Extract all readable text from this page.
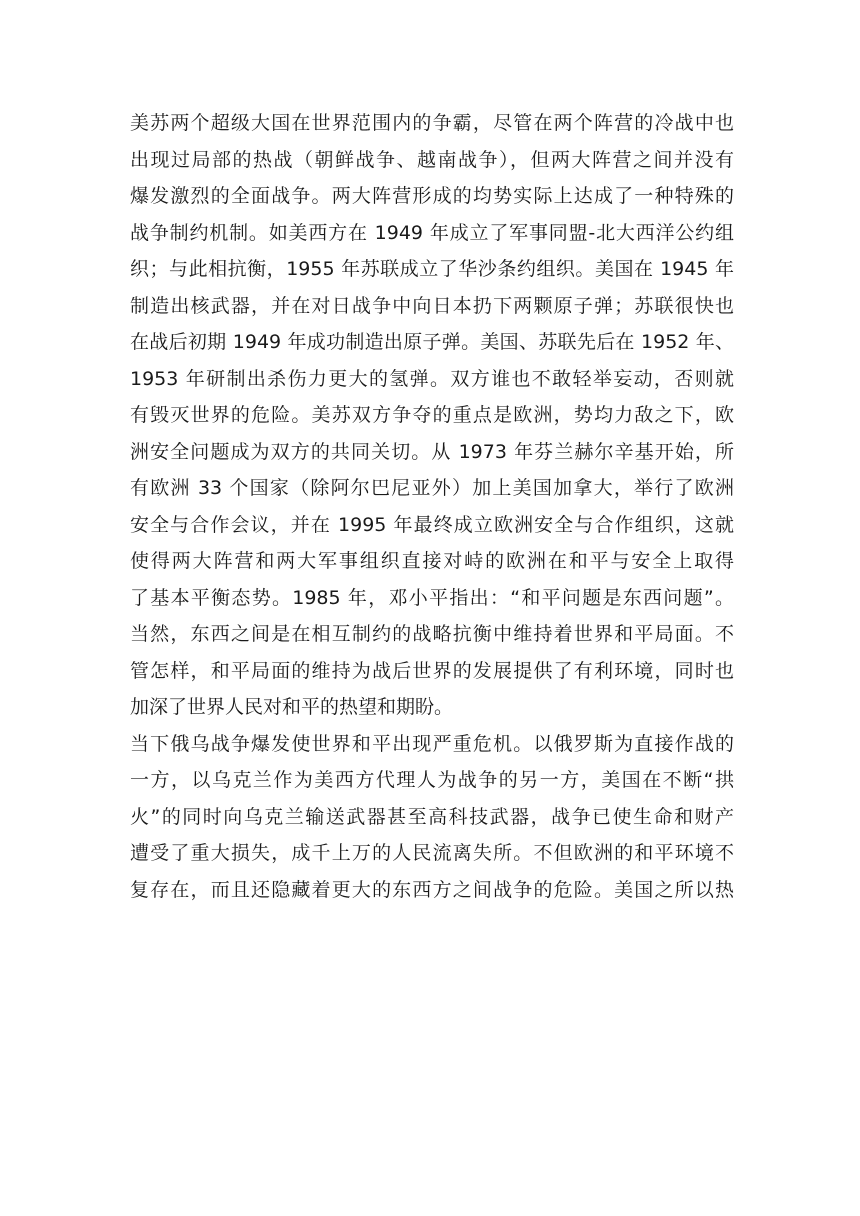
美苏两个超级大国在世界范围内的争霸，尽管在两个阵营的冷战中也
出现过局部的热战（朝鲜战争、越南战争），但两大阵营之间并没有
爆发激烈的全面战争。两大阵营形成的均势实际上达成了一种特殊的
战争制约机制。如美西方在 1949 年成立了军事同盟-北大西洋公约组
织；与此相抗衡，1955 年苏联成立了华沙条约组织。美国在 1945 年
制造出核武器，并在对日战争中向日本扔下两颗原子弹；苏联很快也
在战后初期 1949 年成功制造出原子弹。美国、苏联先后在 1952 年、
1953 年研制出杀伤力更大的氢弹。双方谁也不敢轻举妄动，否则就
有毁灭世界的危险。美苏双方争夺的重点是欧洲，势均力敌之下，欧
洲安全问题成为双方的共同关切。从 1973 年芬兰赫尔辛基开始，所
有欧洲 33 个国家（除阿尔巴尼亚外）加上美国加拿大，举行了欧洲
安全与合作会议，并在 1995 年最终成立欧洲安全与合作组织，这就
使得两大阵营和两大军事组织直接对峙的欧洲在和平与安全上取得
了基本平衡态势。1985 年，邓小平指出：“和平问题是东西问题”。
当然，东西之间是在相互制约的战略抗衡中维持着世界和平局面。不
管怎样，和平局面的维持为战后世界的发展提供了有利环境，同时也
加深了世界人民对和平的热望和期盼。
当下俄乌战争爆发使世界和平出现严重危机。以俄罗斯为直接作战的
一方，以乌克兰作为美西方代理人为战争的另一方，美国在不断“拱
火”的同时向乌克兰输送武器甚至高科技武器，战争已使生命和财产
遭受了重大损失，成千上万的人民流离失所。不但欧洲的和平环境不
复存在，而且还隐藏着更大的东西方之间战争的危险。美国之所以热
